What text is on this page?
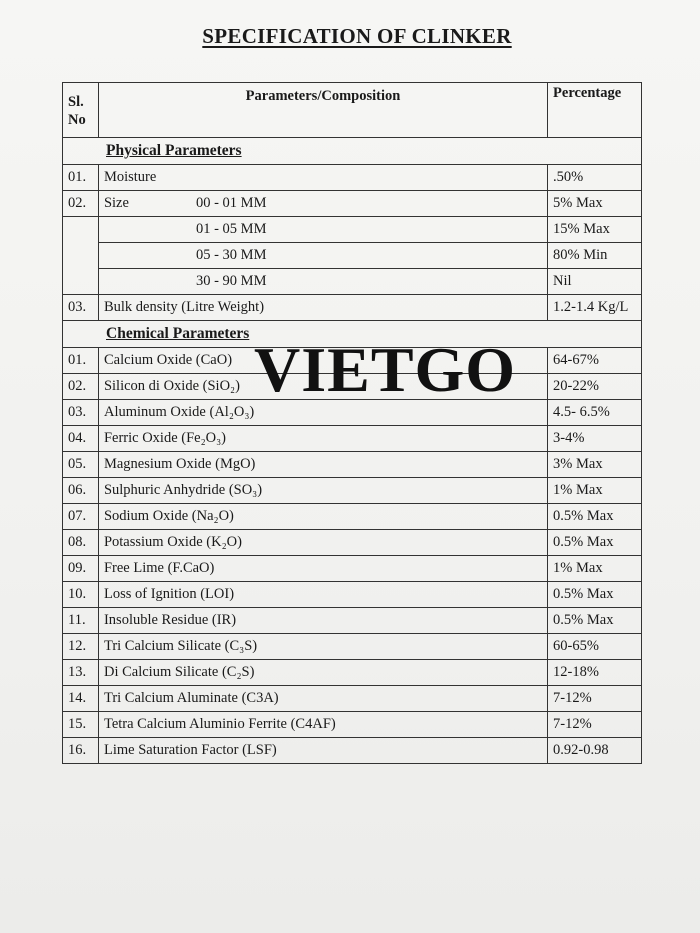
SPECIFICATION OF CLINKER
Sl.
No	Parameters/Composition	Percentage
Physical Parameters		
01.	Moisture	.50%
02.	Size 00 - 01 MM	5% Max
	01 - 05 MM	15% Max
	05 - 30 MM	80% Min
	30 - 90 MM	Nil
03.	Bulk density (Litre Weight)	1.2-1.4 Kg/L
Chemical Parameters		
01.	Calcium Oxide (CaO)	64-67%
02.	Silicon di Oxide (SiO₂)	20-22%
03.	Aluminum Oxide (Al₂O₃)	4.5- 6.5%
04.	Ferric Oxide (Fe₂O₃)	3-4%
05.	Magnesium Oxide (MgO)	3% Max
06.	Sulphuric Anhydride (SO₃)	1% Max
07.	Sodium Oxide (Na₂O)	0.5% Max
08.	Potassium Oxide (K₂O)	0.5% Max
09.	Free Lime (F.CaO)	1% Max
10.	Loss of Ignition (LOI)	0.5% Max
11.	Insoluble Residue (IR)	0.5% Max
12.	Tri Calcium Silicate (C₃S)	60-65%
13.	Di Calcium Silicate (C₂S)	12-18%
14.	Tri Calcium Aluminate (C3A)	7-12%
15.	Tetra Calcium Aluminio Ferrite (C4AF)	7-12%
16.	Lime Saturation Factor (LSF)	0.92-0.98
VIETGO
